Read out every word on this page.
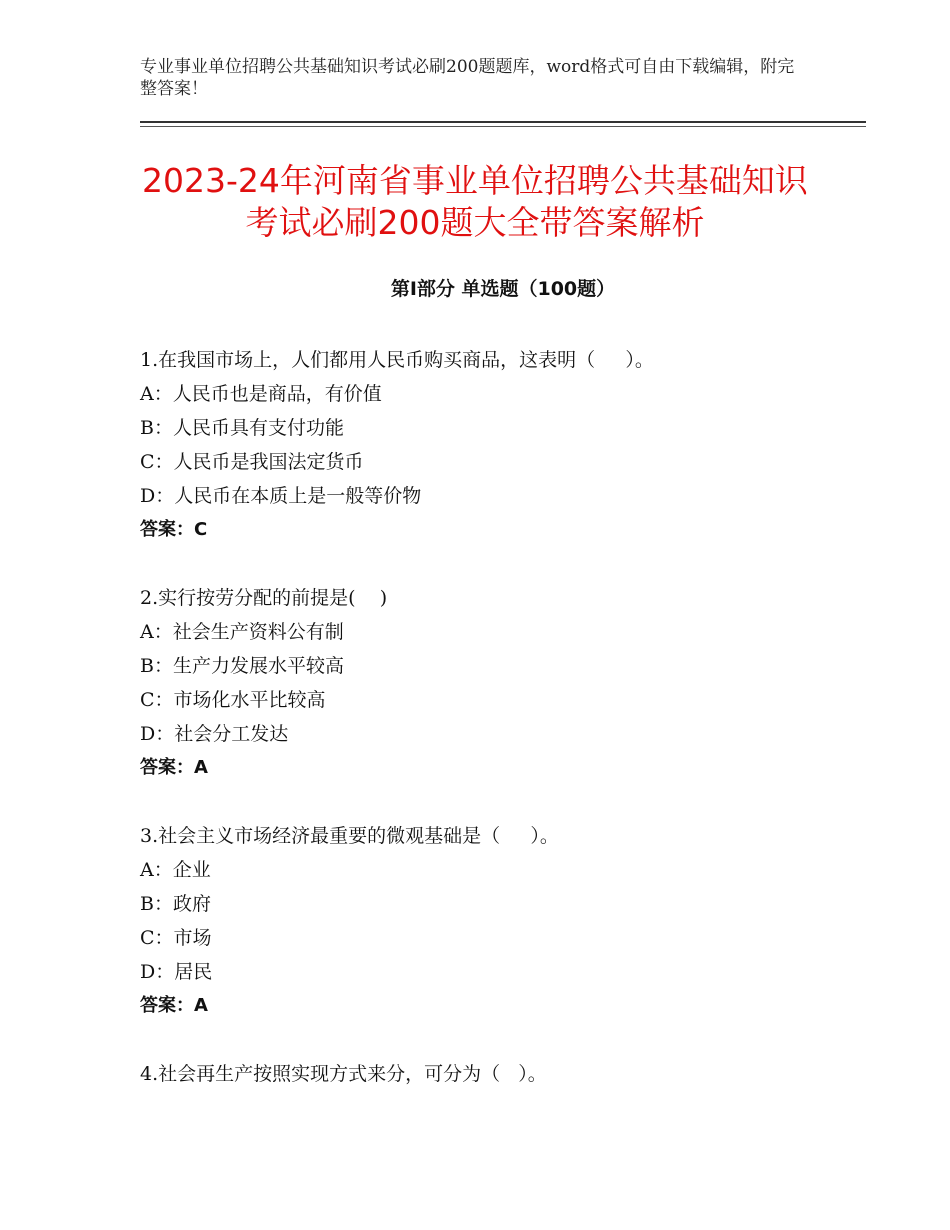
专业事业单位招聘公共基础知识考试必刷200题题库，word格式可自由下载编辑，附完整答案！
2023-24年河南省事业单位招聘公共基础知识考试必刷200题大全带答案解析
第Ⅰ部分 单选题（100题）
1.在我国市场上，人们都用人民币购买商品，这表明（     ）。
A：人民币也是商品，有价值
B：人民币具有支付功能
C：人民币是我国法定货币
D：人民币在本质上是一般等价物
答案：C
2.实行按劳分配的前提是(    )
A：社会生产资料公有制
B：生产力发展水平较高
C：市场化水平比较高
D：社会分工发达
答案：A
3.社会主义市场经济最重要的微观基础是（     ）。
A：企业
B：政府
C：市场
D：居民
答案：A
4.社会再生产按照实现方式来分，可分为（   ）。
